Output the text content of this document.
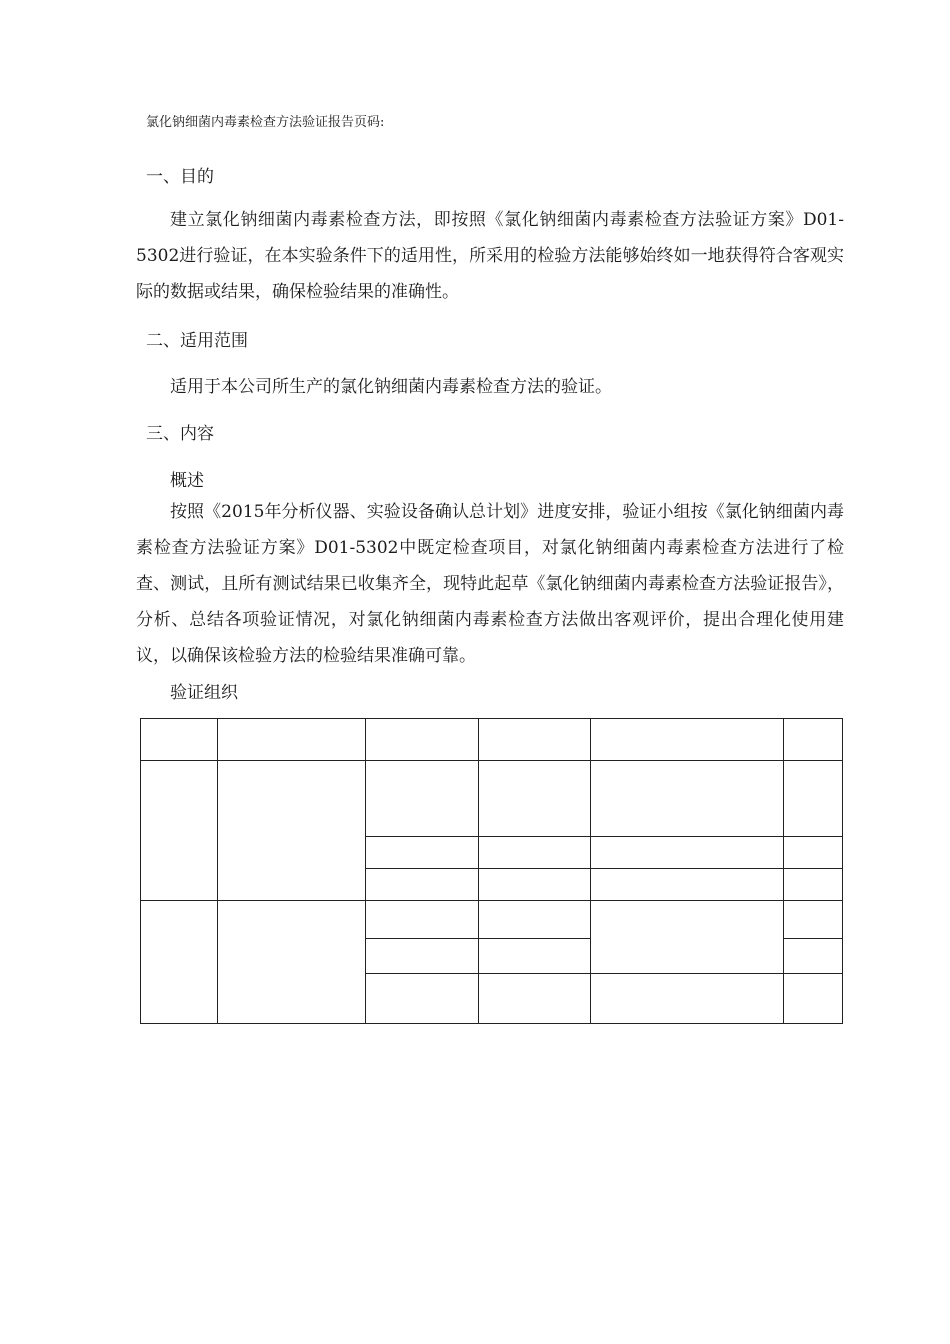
氯化钠细菌内毒素检查方法验证报告页码:
一、目的
建立氯化钠细菌内毒素检查方法，即按照《氯化钠细菌内毒素检查方法验证方案》D01-5302进行验证，在本实验条件下的适用性，所采用的检验方法能够始终如一地获得符合客观实际的数据或结果，确保检验结果的准确性。
二、适用范围
适用于本公司所生产的氯化钠细菌内毒素检查方法的验证。
三、内容
概述
按照《2015年分析仪器、实验设备确认总计划》进度安排，验证小组按《氯化钠细菌内毒素检查方法验证方案》D01-5302中既定检查项目，对氯化钠细菌内毒素检查方法进行了检查、测试，且所有测试结果已收集齐全，现特此起草《氯化钠细菌内毒素检查方法验证报告》，分析、总结各项验证情况，对氯化钠细菌内毒素检查方法做出客观评价，提出合理化使用建议，以确保该检验方法的检验结果准确可靠。
验证组织
